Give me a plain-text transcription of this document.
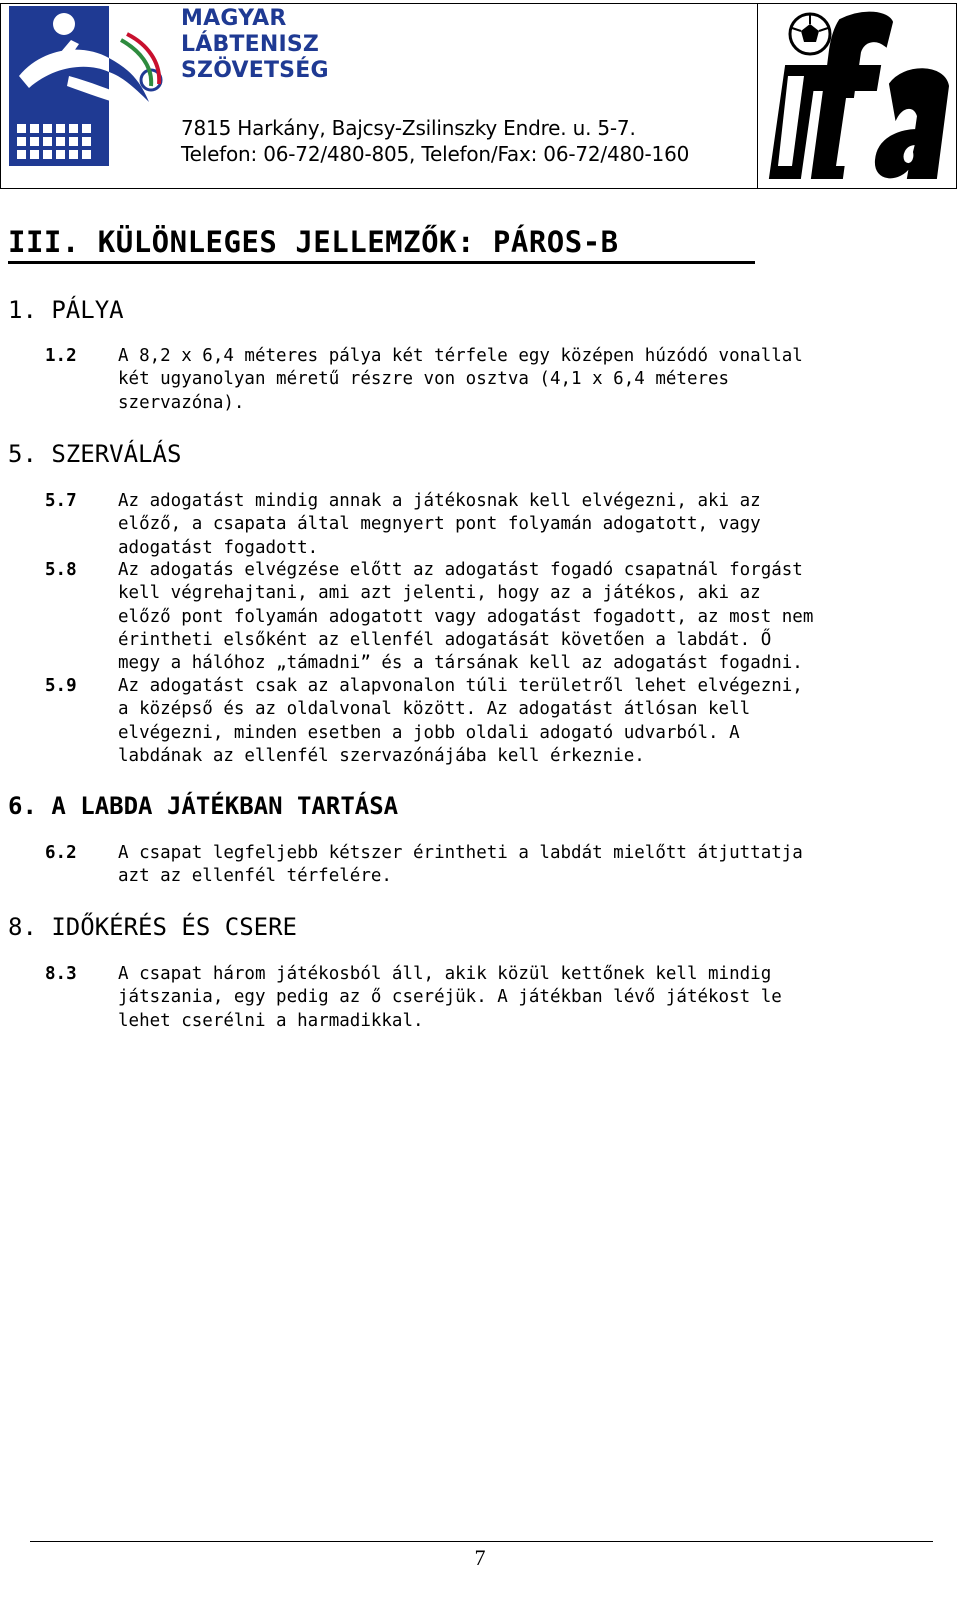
MAGYAR
LÁBTENISZ
SZÖVETSÉG
7815 Harkány, Bajcsy-Zsilinszky Endre. u. 5-7.
Telefon: 06-72/480-805, Telefon/Fax: 06-72/480-160
III. KÜLÖNLEGES JELLEMZŐK: PÁROS-B
1. PÁLYA
1.2 A 8,2 x 6,4 méteres pálya két térfele egy középen húzódó vonallal
két ugyanolyan méretű részre von osztva (4,1 x 6,4 méteres
szervazóna).
5. SZERVÁLÁS
5.7 Az adogatást mindig annak a játékosnak kell elvégezni, aki az
előző, a csapata által megnyert pont folyamán adogatott, vagy
adogatást fogadott.
5.8 Az adogatás elvégzése előtt az adogatást fogadó csapatnál forgást
kell végrehajtani, ami azt jelenti, hogy az a játékos, aki az
előző pont folyamán adogatott vagy adogatást fogadott, az most nem
érintheti elsőként az ellenfél adogatását követően a labdát. Ő
megy a hálóhoz „támadni” és a társának kell az adogatást fogadni.
5.9 Az adogatást csak az alapvonalon túli területről lehet elvégezni,
a középső és az oldalvonal között. Az adogatást átlósan kell
elvégezni, minden esetben a jobb oldali adogató udvarból. A
labdának az ellenfél szervazónájába kell érkeznie.
6. A LABDA JÁTÉKBAN TARTÁSA
6.2 A csapat legfeljebb kétszer érintheti a labdát mielőtt átjuttatja
azt az ellenfél térfelére.
8. IDŐKÉRÉS ÉS CSERE
8.3 A csapat három játékosból áll, akik közül kettőnek kell mindig
játszania, egy pedig az ő cseréjük. A játékban lévő játékost le
lehet cserélni a harmadikkal.
7
